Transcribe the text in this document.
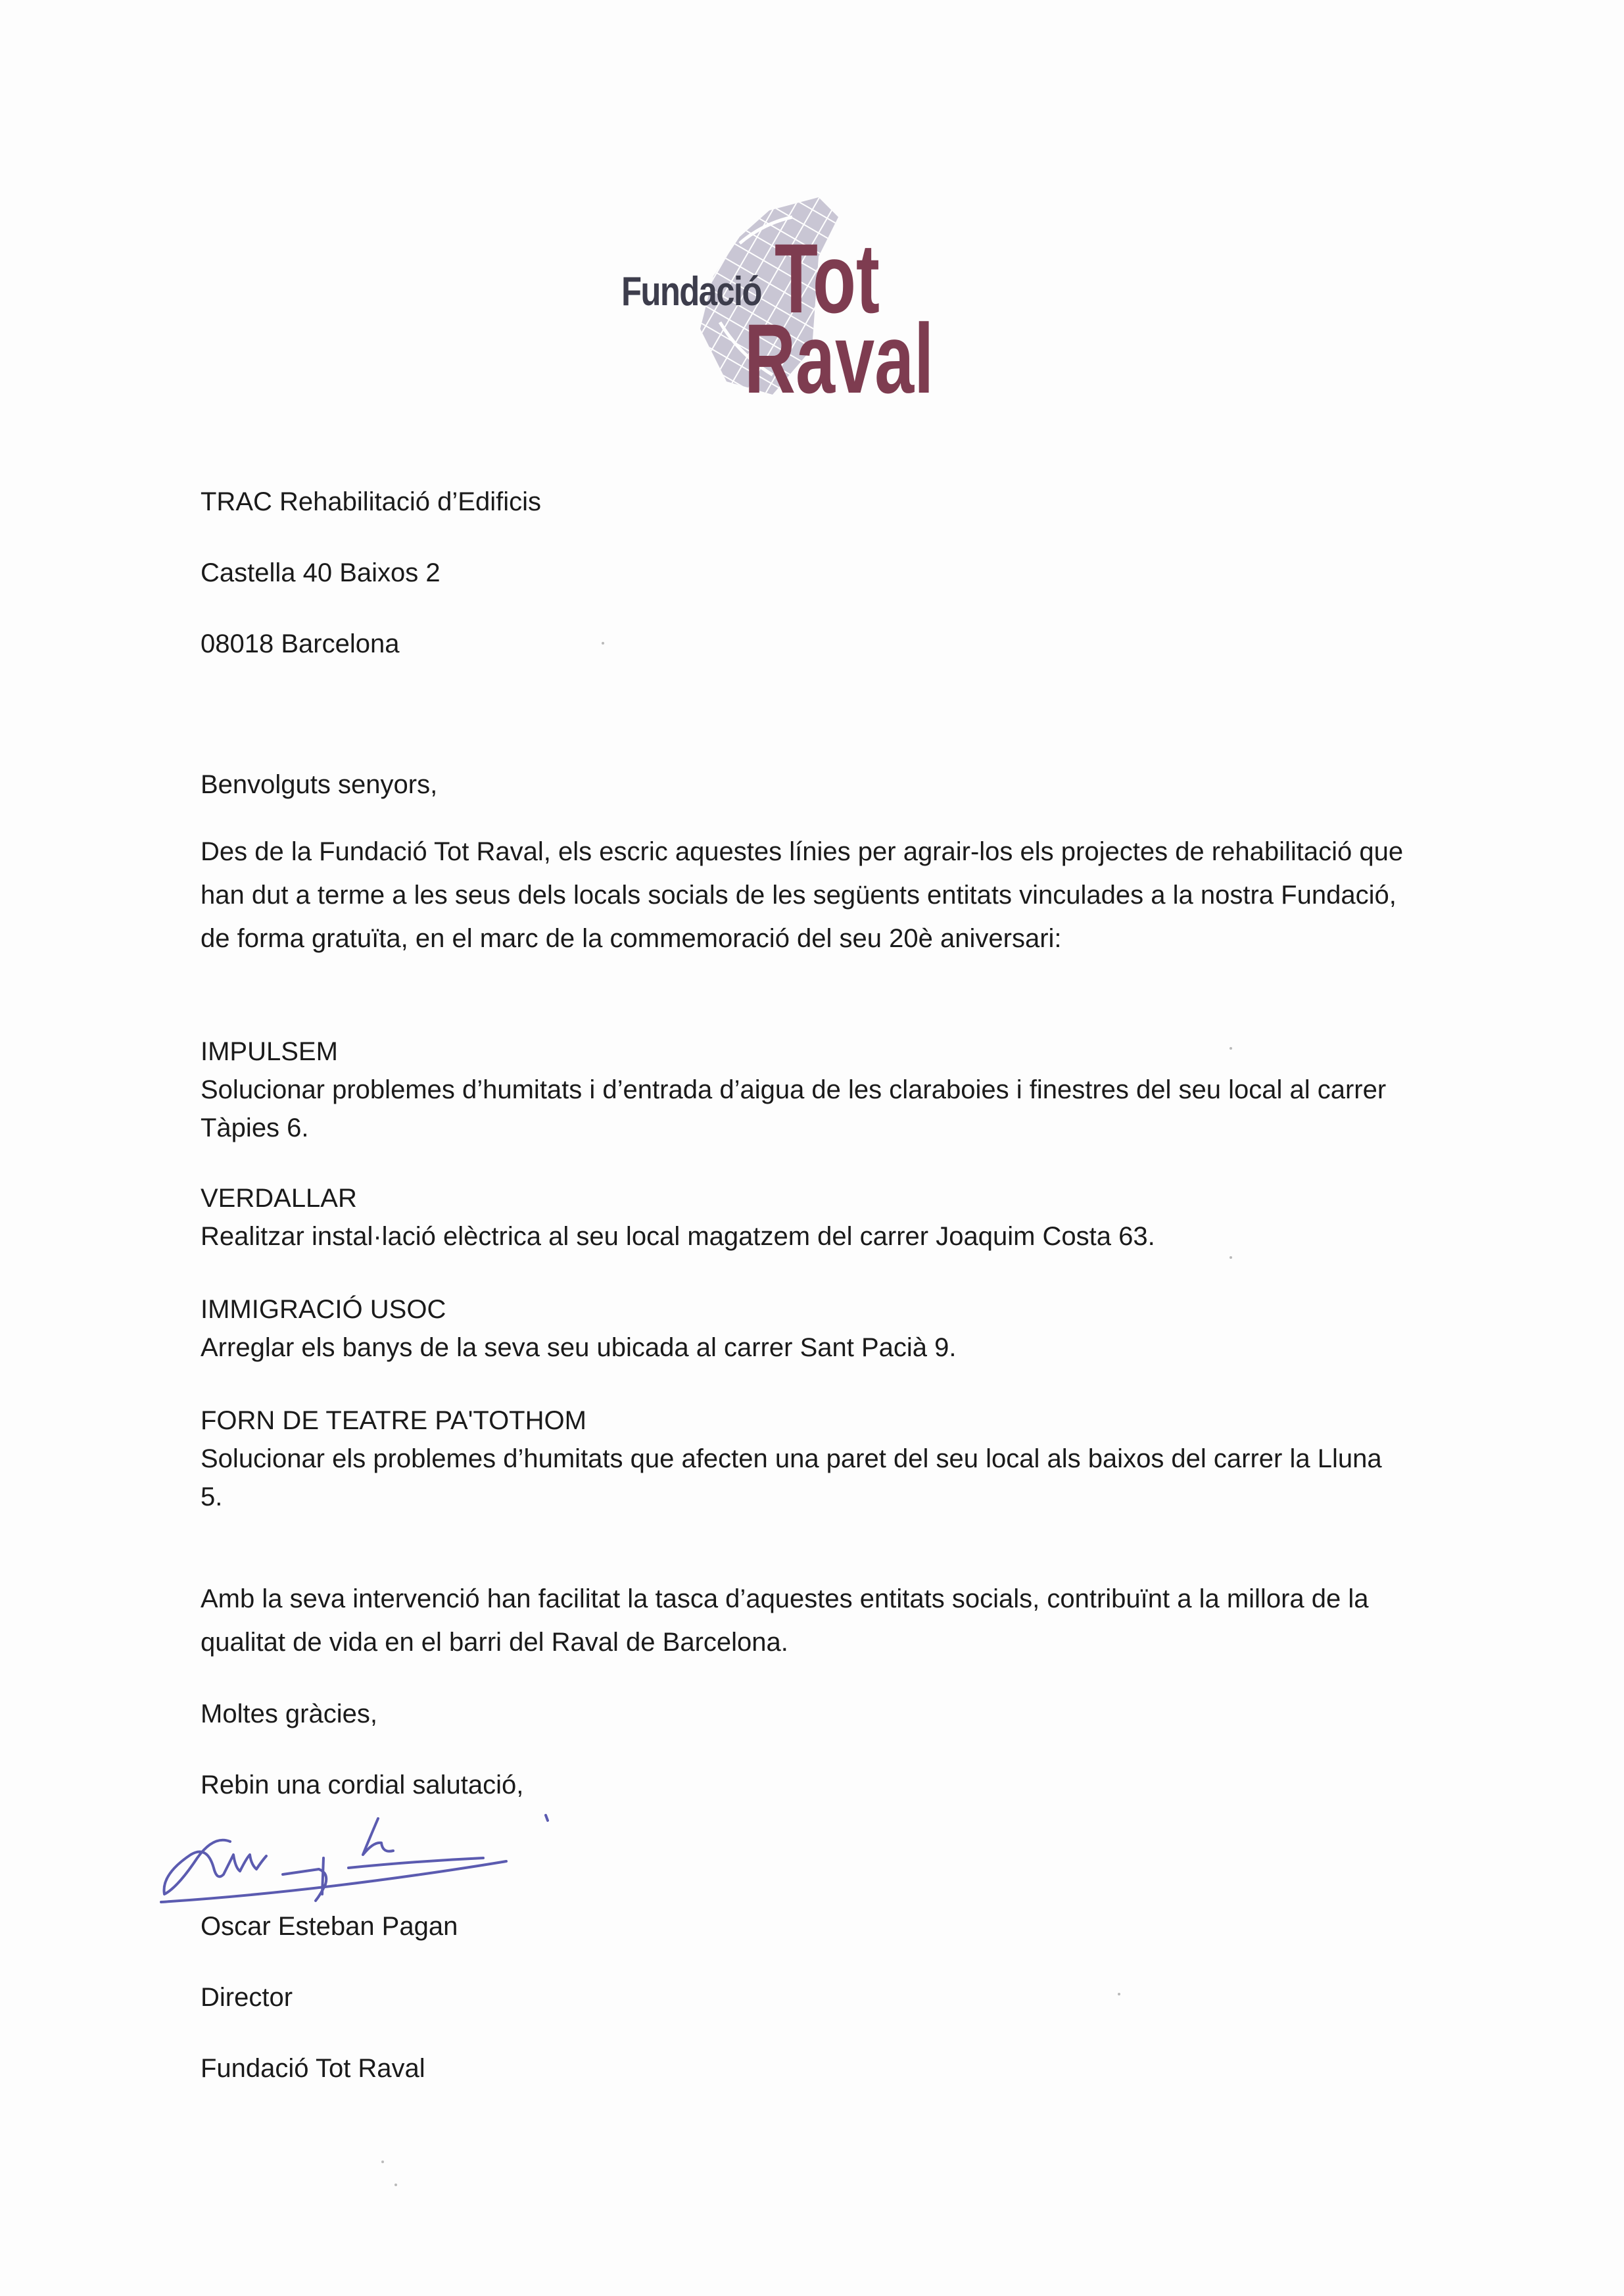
Fundació Tot
Raval
TRAC Rehabilitació d’Edificis
Castella 40 Baixos 2
08018 Barcelona
Benvolguts senyors,
Des de la Fundació Tot Raval, els escric aquestes línies per agrair-los els projectes de rehabilitació que han dut a terme a les seus dels locals socials de les següents entitats vinculades a la nostra Fundació, de forma gratuïta, en el marc de la commemoració del seu 20è aniversari:
IMPULSEM
Solucionar problemes d’humitats i d’entrada d’aigua de les claraboies i finestres del seu local al carrer Tàpies 6.
VERDALLAR
Realitzar instal·lació elèctrica al seu local magatzem del carrer Joaquim Costa 63.
IMMIGRACIÓ USOC
Arreglar els banys de la seva seu ubicada al carrer Sant Pacià 9.
FORN DE TEATRE PA'TOTHOM
Solucionar els problemes d’humitats que afecten una paret del seu local als baixos del carrer la Lluna 5.
Amb la seva intervenció han facilitat la tasca d’aquestes entitats socials, contribuïnt a la millora de la qualitat de vida en el barri del Raval de Barcelona.
Moltes gràcies,
Rebin una cordial salutació,
Oscar Esteban Pagan
Director
Fundació Tot Raval
